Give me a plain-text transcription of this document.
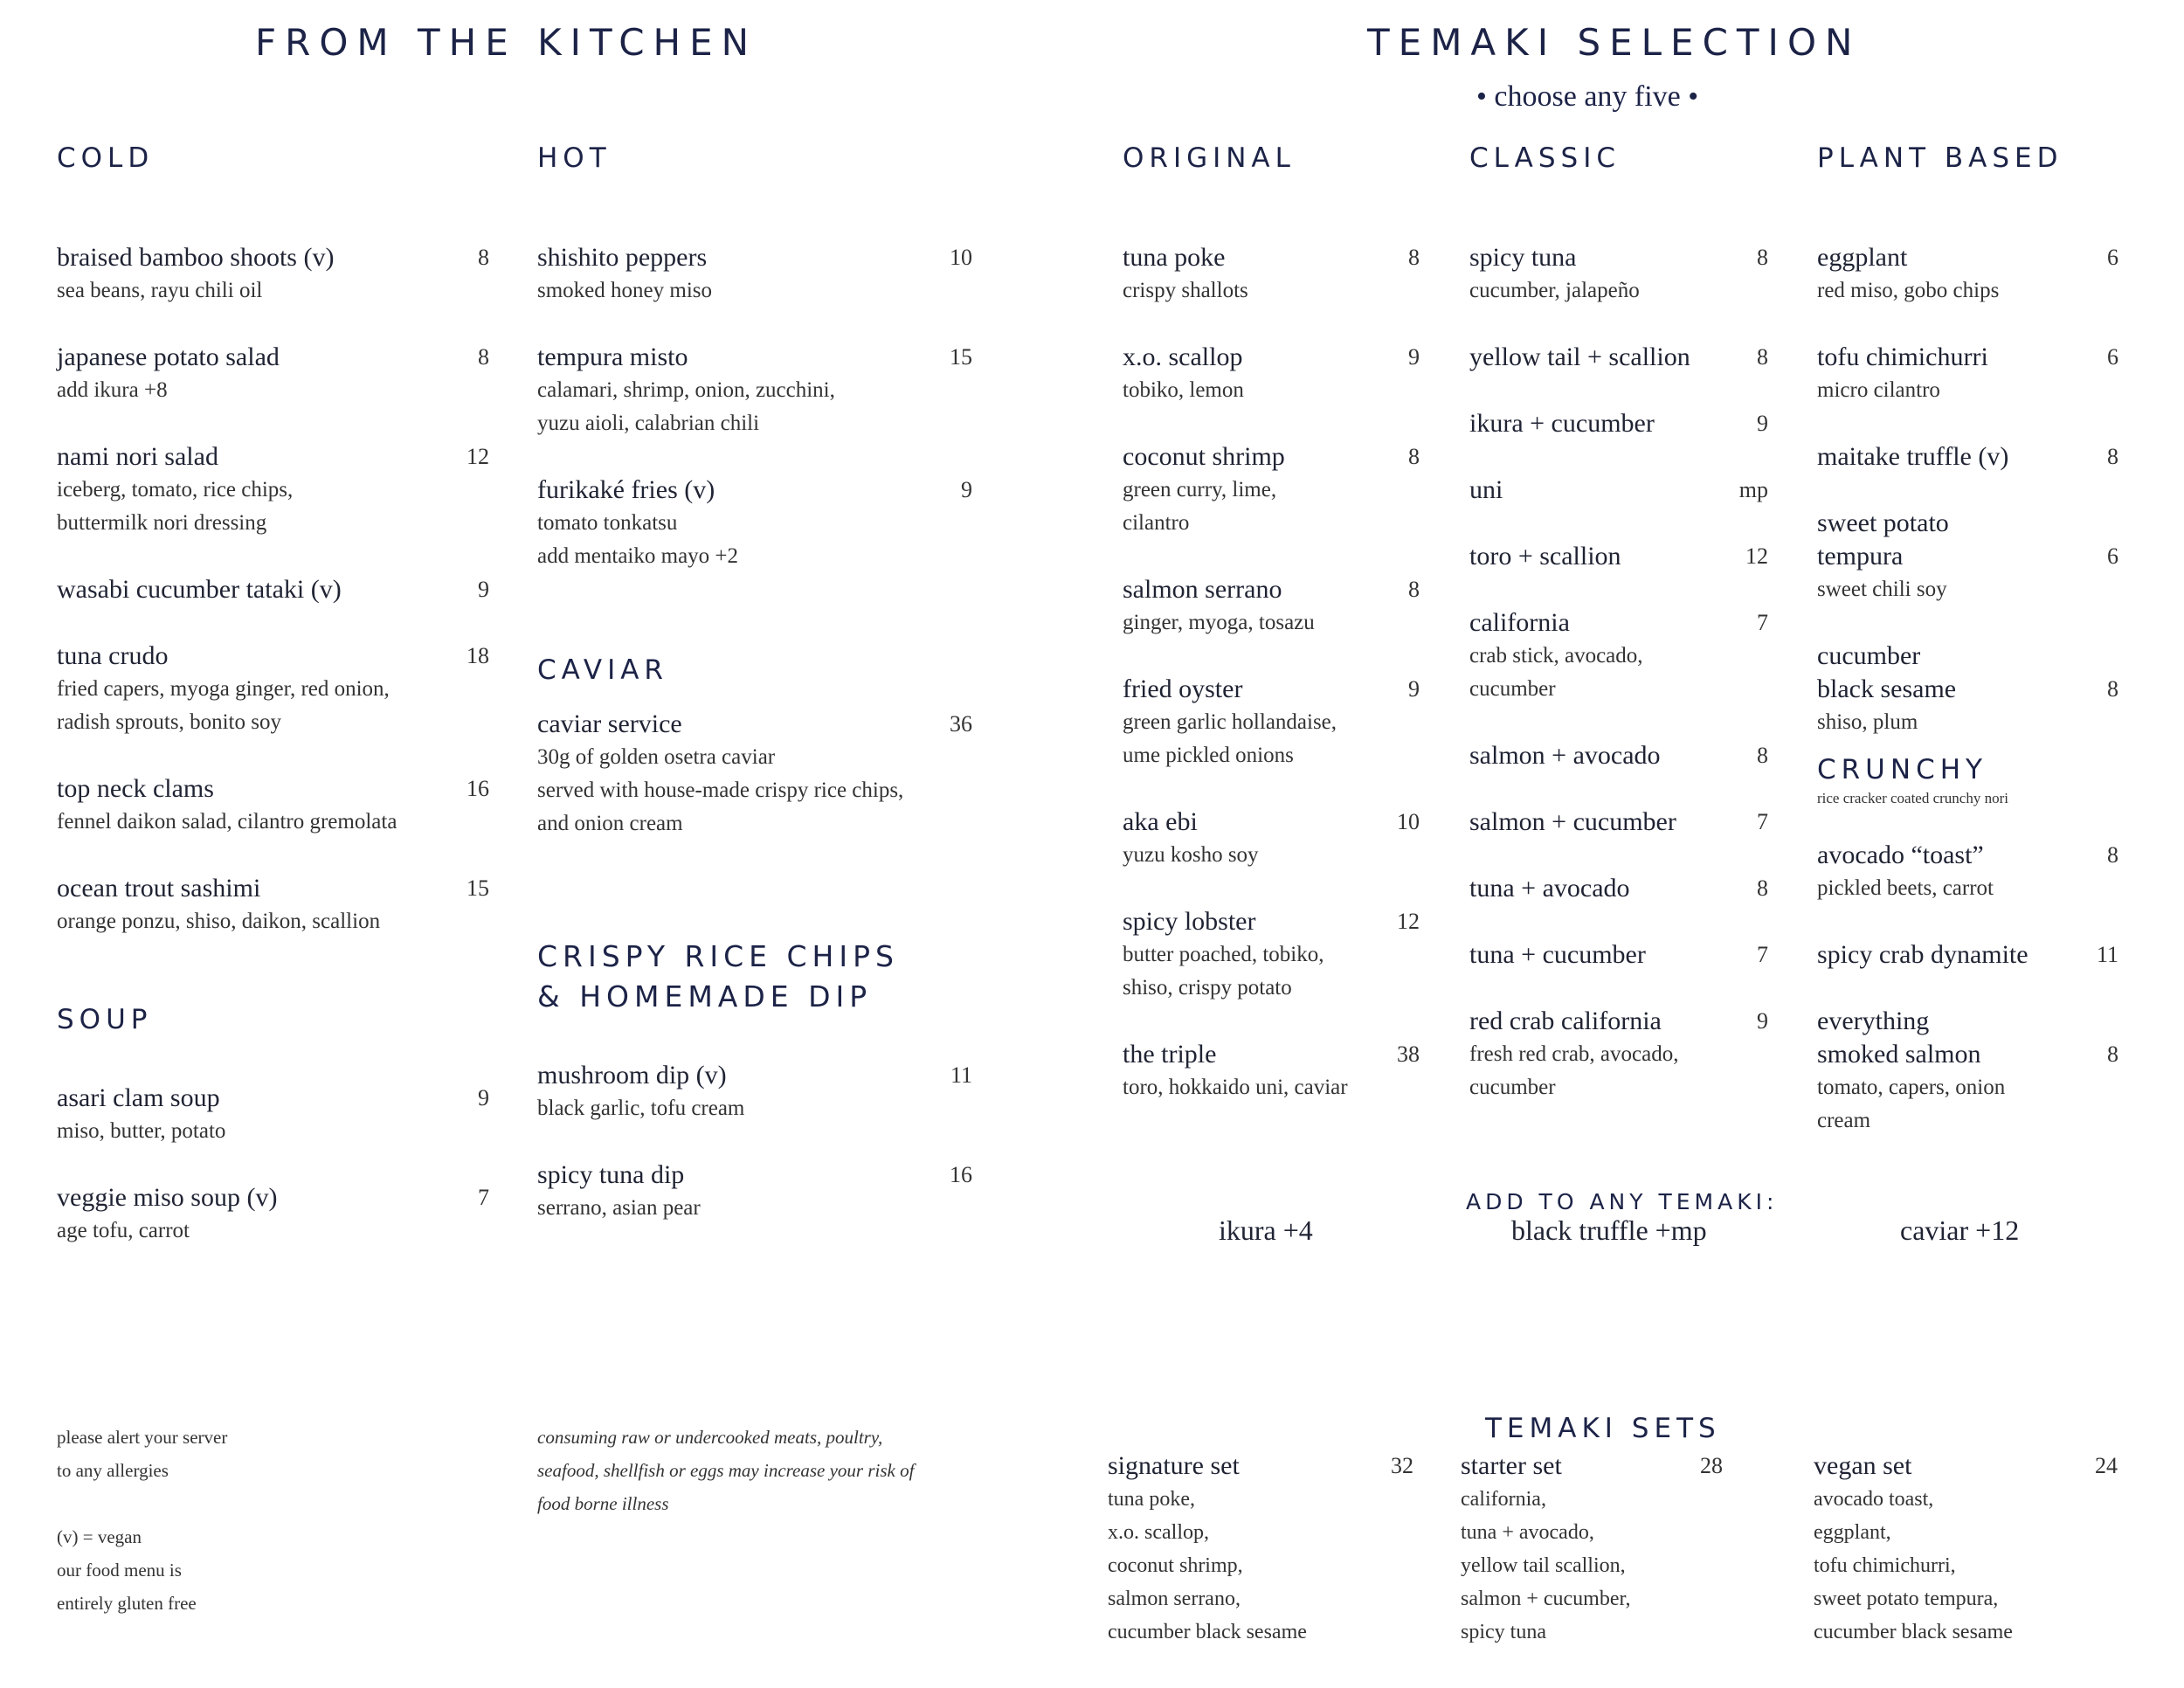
FROM THE KITCHEN
COLD
braised bamboo shoots (v)	8
sea beans, rayu chili oil
japanese potato salad	8
add ikura +8
nami nori salad	12
iceberg, tomato, rice chips,
buttermilk nori dressing
wasabi cucumber tataki (v)	9
tuna crudo	18
fried capers, myoga ginger, red onion,
radish sprouts, bonito soy
top neck clams	16
fennel daikon salad, cilantro gremolata
ocean trout sashimi	15
orange ponzu, shiso, daikon, scallion
SOUP
asari clam soup	9
miso, butter, potato
veggie miso soup (v)	7
age tofu, carrot
HOT
shishito peppers	10
smoked honey miso
tempura misto	15
calamari, shrimp, onion, zucchini,
yuzu aioli, calabrian chili
furikaké fries (v)	9
tomato tonkatsu
add mentaiko mayo +2
CAVIAR
caviar service	36
30g of golden osetra caviar
served with house-made crispy rice chips,
and onion cream
CRISPY RICE CHIPS
& HOMEMADE DIP
mushroom dip (v)	11
black garlic, tofu cream
spicy tuna dip	16
serrano, asian pear
please alert your server
to any allergies
(v) = vegan
our food menu is
entirely gluten free
consuming raw or undercooked meats, poultry,
seafood, shellfish or eggs may increase your risk of
food borne illness
TEMAKI SELECTION
• choose any five •
ORIGINAL
tuna poke	8
crispy shallots
x.o. scallop	9
tobiko, lemon
coconut shrimp	8
green curry, lime,
cilantro
salmon serrano	8
ginger, myoga, tosazu
fried oyster	9
green garlic hollandaise,
ume pickled onions
aka ebi	10
yuzu kosho soy
spicy lobster	12
butter poached, tobiko,
shiso, crispy potato
the triple	38
toro, hokkaido uni, caviar
CLASSIC
spicy tuna	8
cucumber, jalapeño
yellow tail + scallion	8
ikura + cucumber	9
uni	mp
toro + scallion	12
california	7
crab stick, avocado,
cucumber
salmon + avocado	8
salmon + cucumber	7
tuna + avocado	8
tuna + cucumber	7
red crab california	9
fresh red crab, avocado,
cucumber
PLANT BASED
eggplant	6
red miso, gobo chips
tofu chimichurri	6
micro cilantro
maitake truffle (v)	8
sweet potato
tempura	6
sweet chili soy
cucumber
black sesame	8
shiso, plum
CRUNCHY
rice cracker coated crunchy nori
avocado “toast”	8
pickled beets, carrot
spicy crab dynamite	11
everything
smoked salmon	8
tomato, capers, onion
cream
ADD TO ANY TEMAKI:
ikura +4	black truffle +mp	caviar +12
TEMAKI SETS
signature set	32
tuna poke,
x.o. scallop,
coconut shrimp,
salmon serrano,
cucumber black sesame
starter set	28
california,
tuna + avocado,
yellow tail scallion,
salmon + cucumber,
spicy tuna
vegan set	24
avocado toast,
eggplant,
tofu chimichurri,
sweet potato tempura,
cucumber black sesame
